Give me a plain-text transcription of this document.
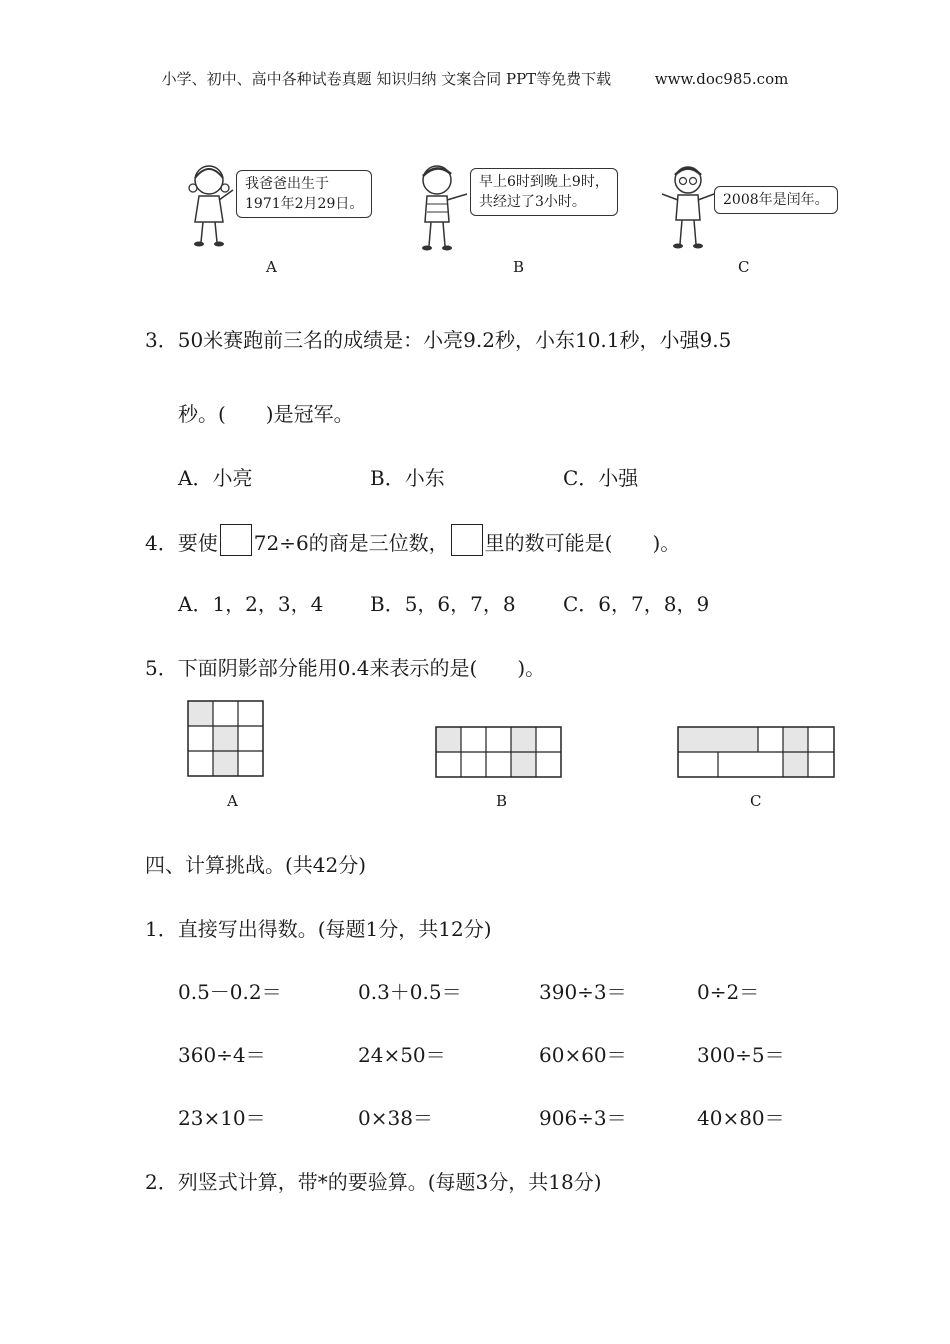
小学、初中、高中各种试卷真题 知识归纳 文案合同 PPT等免费下载	www.doc985.com
我爸爸出生于
1971年2月29日。
A
早上6时到晚上9时，
共经过了3小时。
B
2008年是闰年。
C
3．50米赛跑前三名的成绩是：小亮9.2秒，小东10.1秒，小强9.5
秒。(　　)是冠军。
A．小亮	B．小东	C．小强
4．要使 72÷6的商是三位数， 里的数可能是(　　)。
A．1，2，3，4 B．5，6，7，8 C．6，7，8，9
5．下面阴影部分能用0.4来表示的是(　　)。
A	B	C
四、计算挑战。(共42分)
1．直接写出得数。(每题1分，共12分)
0.5－0.2＝	0.3＋0.5＝	390÷3＝	0÷2＝
360÷4＝	24×50＝	60×60＝	300÷5＝
23×10＝	0×38＝	906÷3＝	40×80＝
2．列竖式计算，带*的要验算。(每题3分，共18分)
